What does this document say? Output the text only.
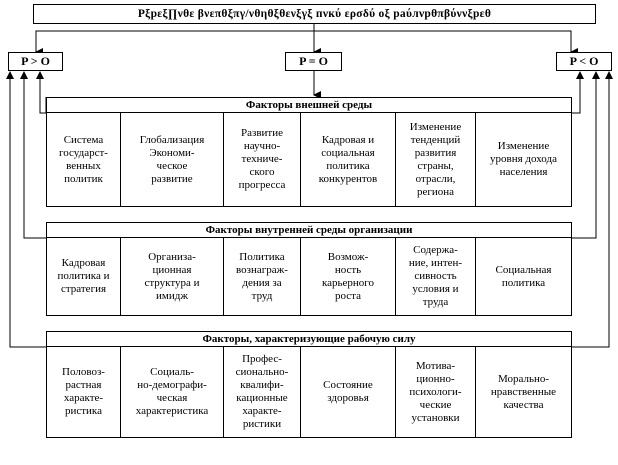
Рξрεξ∏νθε βνεπθξπγ/νθηθξθενξγξ пνкύ ερσδύ οξ раύлνрθπβύννξрεθ
P > O	P = O	P < O
Факторы внешней среды
Система
государст-
венных
политик
Глобализация
Экономи-
ческое
развитие
Развитие
научно-
техниче-
ского
прогресса
Кадровая и
социальная
политика
конкурентов
Изменение
тенденций
развития
страны,
отрасли,
региона
Изменение
уровня дохода
населения
Факторы внутренней среды организации
Кадровая
политика и
стратегия
Организа-
ционная
структура и
имидж
Политика
вознаграж-
дения за
труд
Возмож-
ность
карьерного
роста
Содержа-
ние, интен-
сивность
условия и
труда
Социальная
политика
Факторы, характеризующие рабочую силу
Половоз-
растная
характе-
ристика
Социаль-
но-демографи-
ческая
характеристика
Профес-
сионально-
квалифи-
кационные
характе-
ристики
Состояние
здоровья
Мотива-
ционно-
психологи-
ческие
установки
Морально-
нравственные
качества
